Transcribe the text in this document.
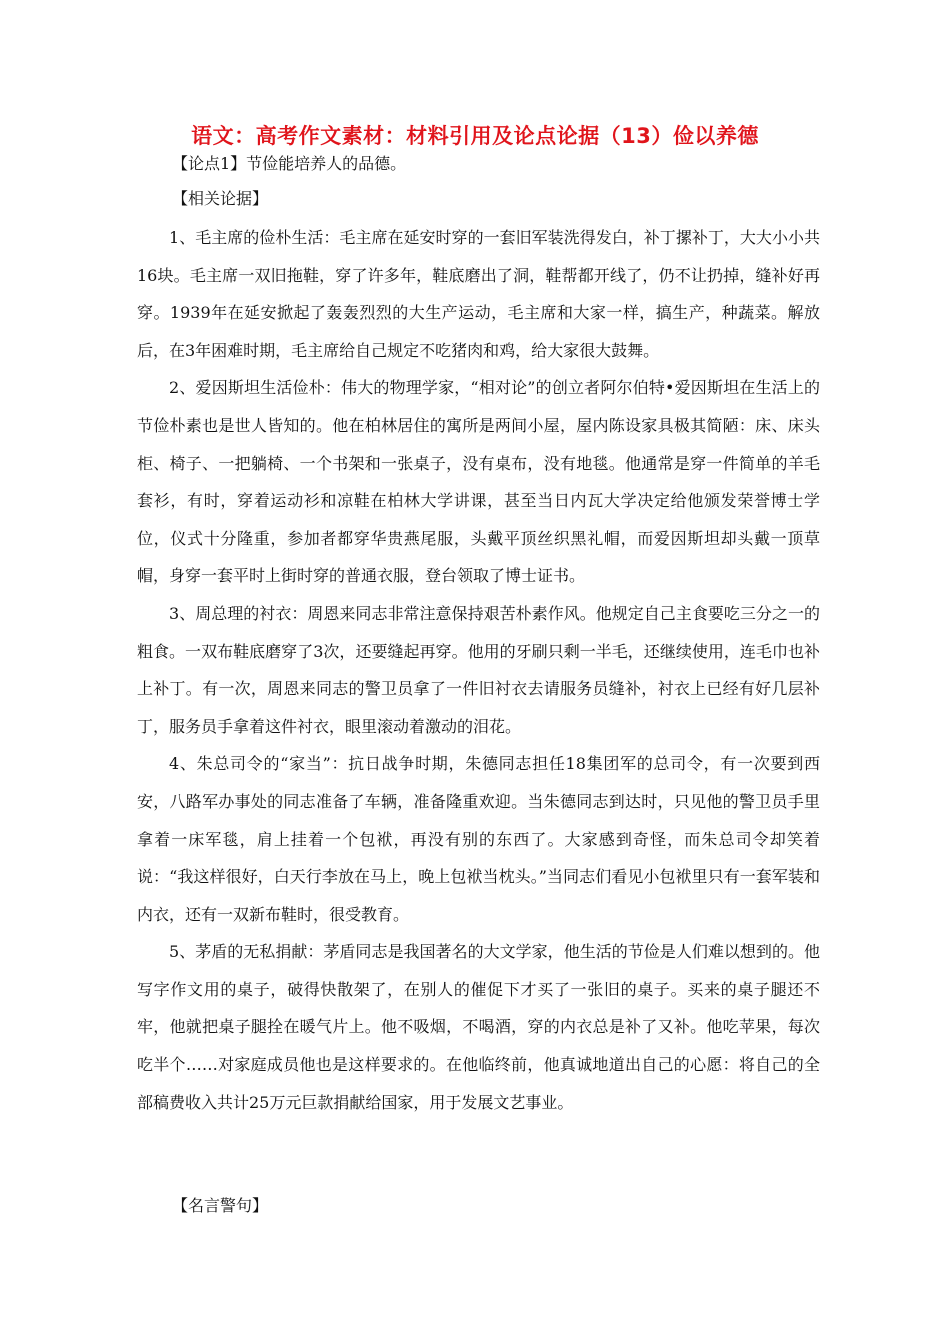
语文：高考作文素材：材料引用及论点论据（13）俭以养德
【论点1】节俭能培养人的品德。
【相关论据】

1、毛主席的俭朴生活：毛主席在延安时穿的一套旧军装洗得发白，补丁摞补丁，大大小小共16块。毛主席一双旧拖鞋，穿了许多年，鞋底磨出了洞，鞋帮都开线了，仍不让扔掉，缝补好再穿。1939年在延安掀起了轰轰烈烈的大生产运动，毛主席和大家一样，搞生产，种蔬菜。解放后，在3年困难时期，毛主席给自己规定不吃猪肉和鸡，给大家很大鼓舞。

2、爱因斯坦生活俭朴：伟大的物理学家，“相对论”的创立者阿尔伯特•爱因斯坦在生活上的节俭朴素也是世人皆知的。他在柏林居住的寓所是两间小屋，屋内陈设家具极其简陋：床、床头柜、椅子、一把躺椅、一个书架和一张桌子，没有桌布，没有地毯。他通常是穿一件简单的羊毛套衫，有时，穿着运动衫和凉鞋在柏林大学讲课，甚至当日内瓦大学决定给他颁发荣誉博士学位，仪式十分隆重，参加者都穿华贵燕尾服，头戴平顶丝织黑礼帽，而爱因斯坦却头戴一顶草帽，身穿一套平时上街时穿的普通衣服，登台领取了博士证书。

3、周总理的衬衣：周恩来同志非常注意保持艰苦朴素作风。他规定自己主食要吃三分之一的粗食。一双布鞋底磨穿了3次，还要缝起再穿。他用的牙刷只剩一半毛，还继续使用，连毛巾也补上补丁。有一次，周恩来同志的警卫员拿了一件旧衬衣去请服务员缝补，衬衣上已经有好几层补丁，服务员手拿着这件衬衣，眼里滚动着激动的泪花。

4、朱总司令的“家当”：抗日战争时期，朱德同志担任18集团军的总司令，有一次要到西安，八路军办事处的同志准备了车辆，准备隆重欢迎。当朱德同志到达时，只见他的警卫员手里拿着一床军毯，肩上挂着一个包袱，再没有别的东西了。大家感到奇怪，而朱总司令却笑着说：“我这样很好，白天行李放在马上，晚上包袱当枕头。”当同志们看见小包袱里只有一套军装和内衣，还有一双新布鞋时，很受教育。

5、茅盾的无私捐献：茅盾同志是我国著名的大文学家，他生活的节俭是人们难以想到的。他写字作文用的桌子，破得快散架了，在别人的催促下才买了一张旧的桌子。买来的桌子腿还不牢，他就把桌子腿拴在暖气片上。他不吸烟，不喝酒，穿的内衣总是补了又补。他吃苹果，每次吃半个……对家庭成员他也是这样要求的。在他临终前，他真诚地道出自己的心愿：将自己的全部稿费收入共计25万元巨款捐献给国家，用于发展文艺事业。

【名言警句】
